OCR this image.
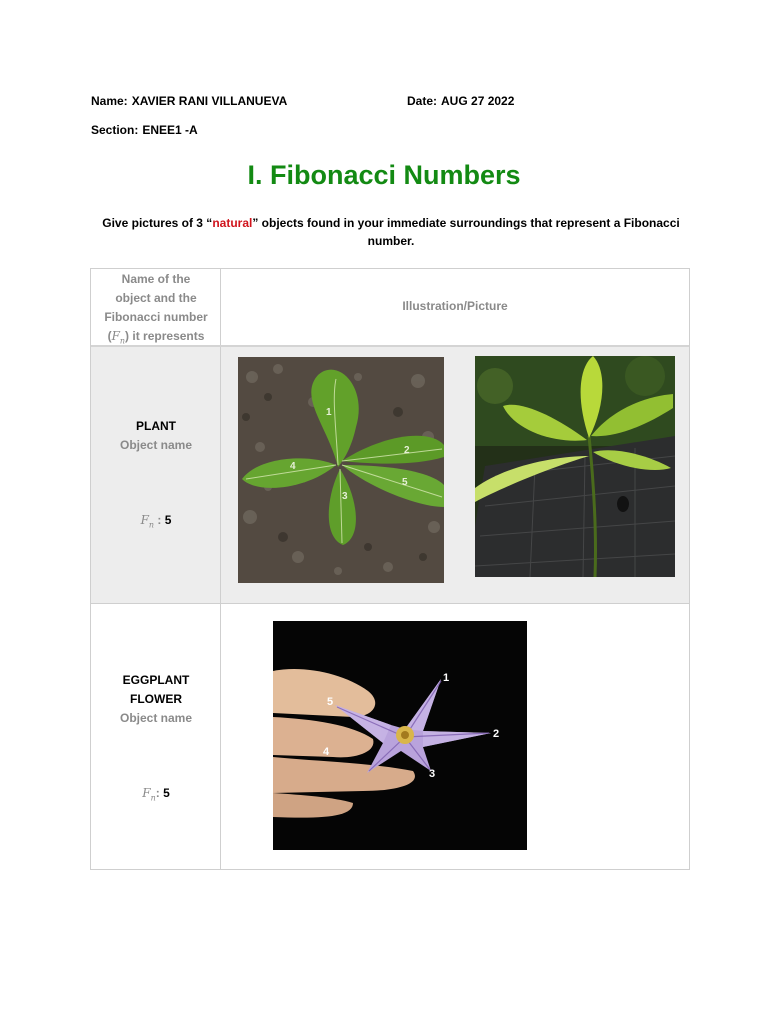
Name: XAVIER RANI VILLANUEVA	Date: AUG 27 2022
Section: ENEE1 -A
I. Fibonacci Numbers
Give pictures of 3 “natural” objects found in your immediate surroundings that represent a Fibonacci number.
Name of the
object and the
Fibonacci number
$(F_n)$ it represents
Illustration/Picture
PLANT
Object name
$F_n$ : 5
1
2
3
4
5
EGGPLANT
FLOWER
Object name
$F_n$: 5
1
2
3
4
5
